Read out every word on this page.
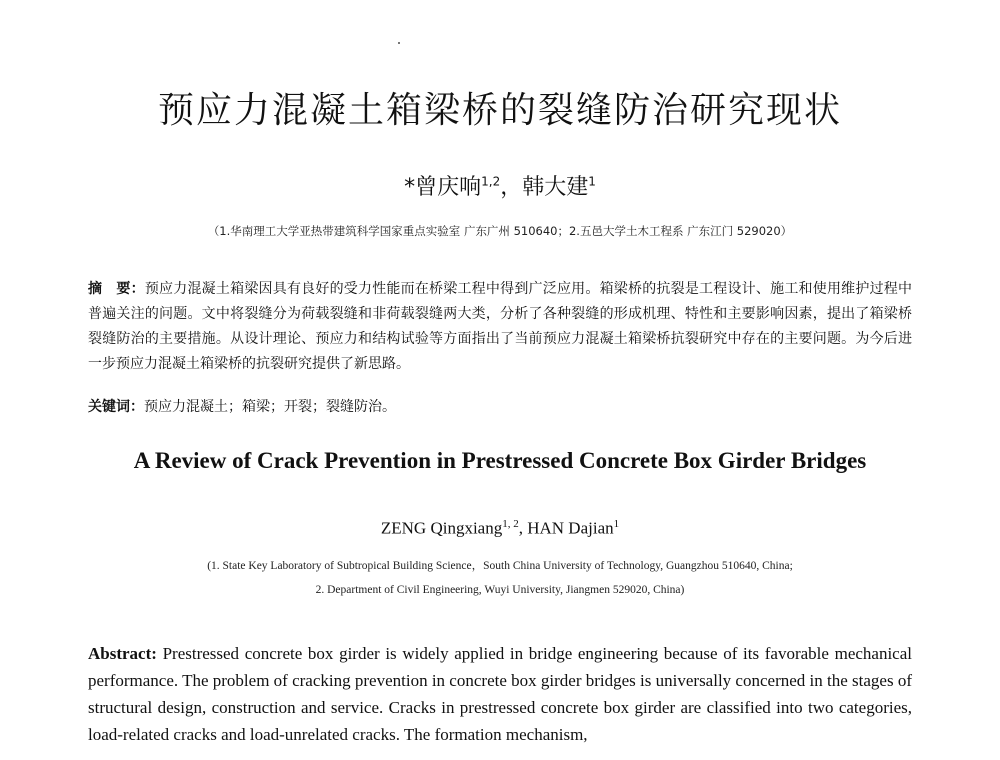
预应力混凝土箱梁桥的裂缝防治研究现状
*曾庆响$^{1,2}$，韩大建$^1$
（1.华南理工大学亚热带建筑科学国家重点实验室 广东广州 510640；2.五邑大学土木工程系 广东江门 529020）
摘　要：预应力混凝土箱梁因具有良好的受力性能而在桥梁工程中得到广泛应用。箱梁桥的抗裂是工程设计、施工和使用维护过程中普遍关注的问题。文中将裂缝分为荷载裂缝和非荷载裂缝两大类，分析了各种裂缝的形成机理、特性和主要影响因素，提出了箱梁桥裂缝防治的主要措施。从设计理论、预应力和结构试验等方面指出了当前预应力混凝土箱梁桥抗裂研究中存在的主要问题。为今后进一步预应力混凝土箱梁桥的抗裂研究提供了新思路。
关键词：预应力混凝土；箱梁；开裂；裂缝防治。
A Review of Crack Prevention in Prestressed Concrete Box Girder Bridges
ZENG Qingxiang$^{1, 2}$, HAN Dajian$^1$
(1. State Key Laboratory of Subtropical Building Science，South China University of Technology, Guangzhou 510640, China;
2. Department of Civil Engineering, Wuyi University, Jiangmen 529020, China)
Abstract: Prestressed concrete box girder is widely applied in bridge engineering because of its favorable mechanical performance. The problem of cracking prevention in concrete box girder bridges is universally concerned in the stages of structural design, construction and service. Cracks in prestressed concrete box girder are classified into two categories, load-related cracks and load-unrelated cracks. The formation mechanism,
